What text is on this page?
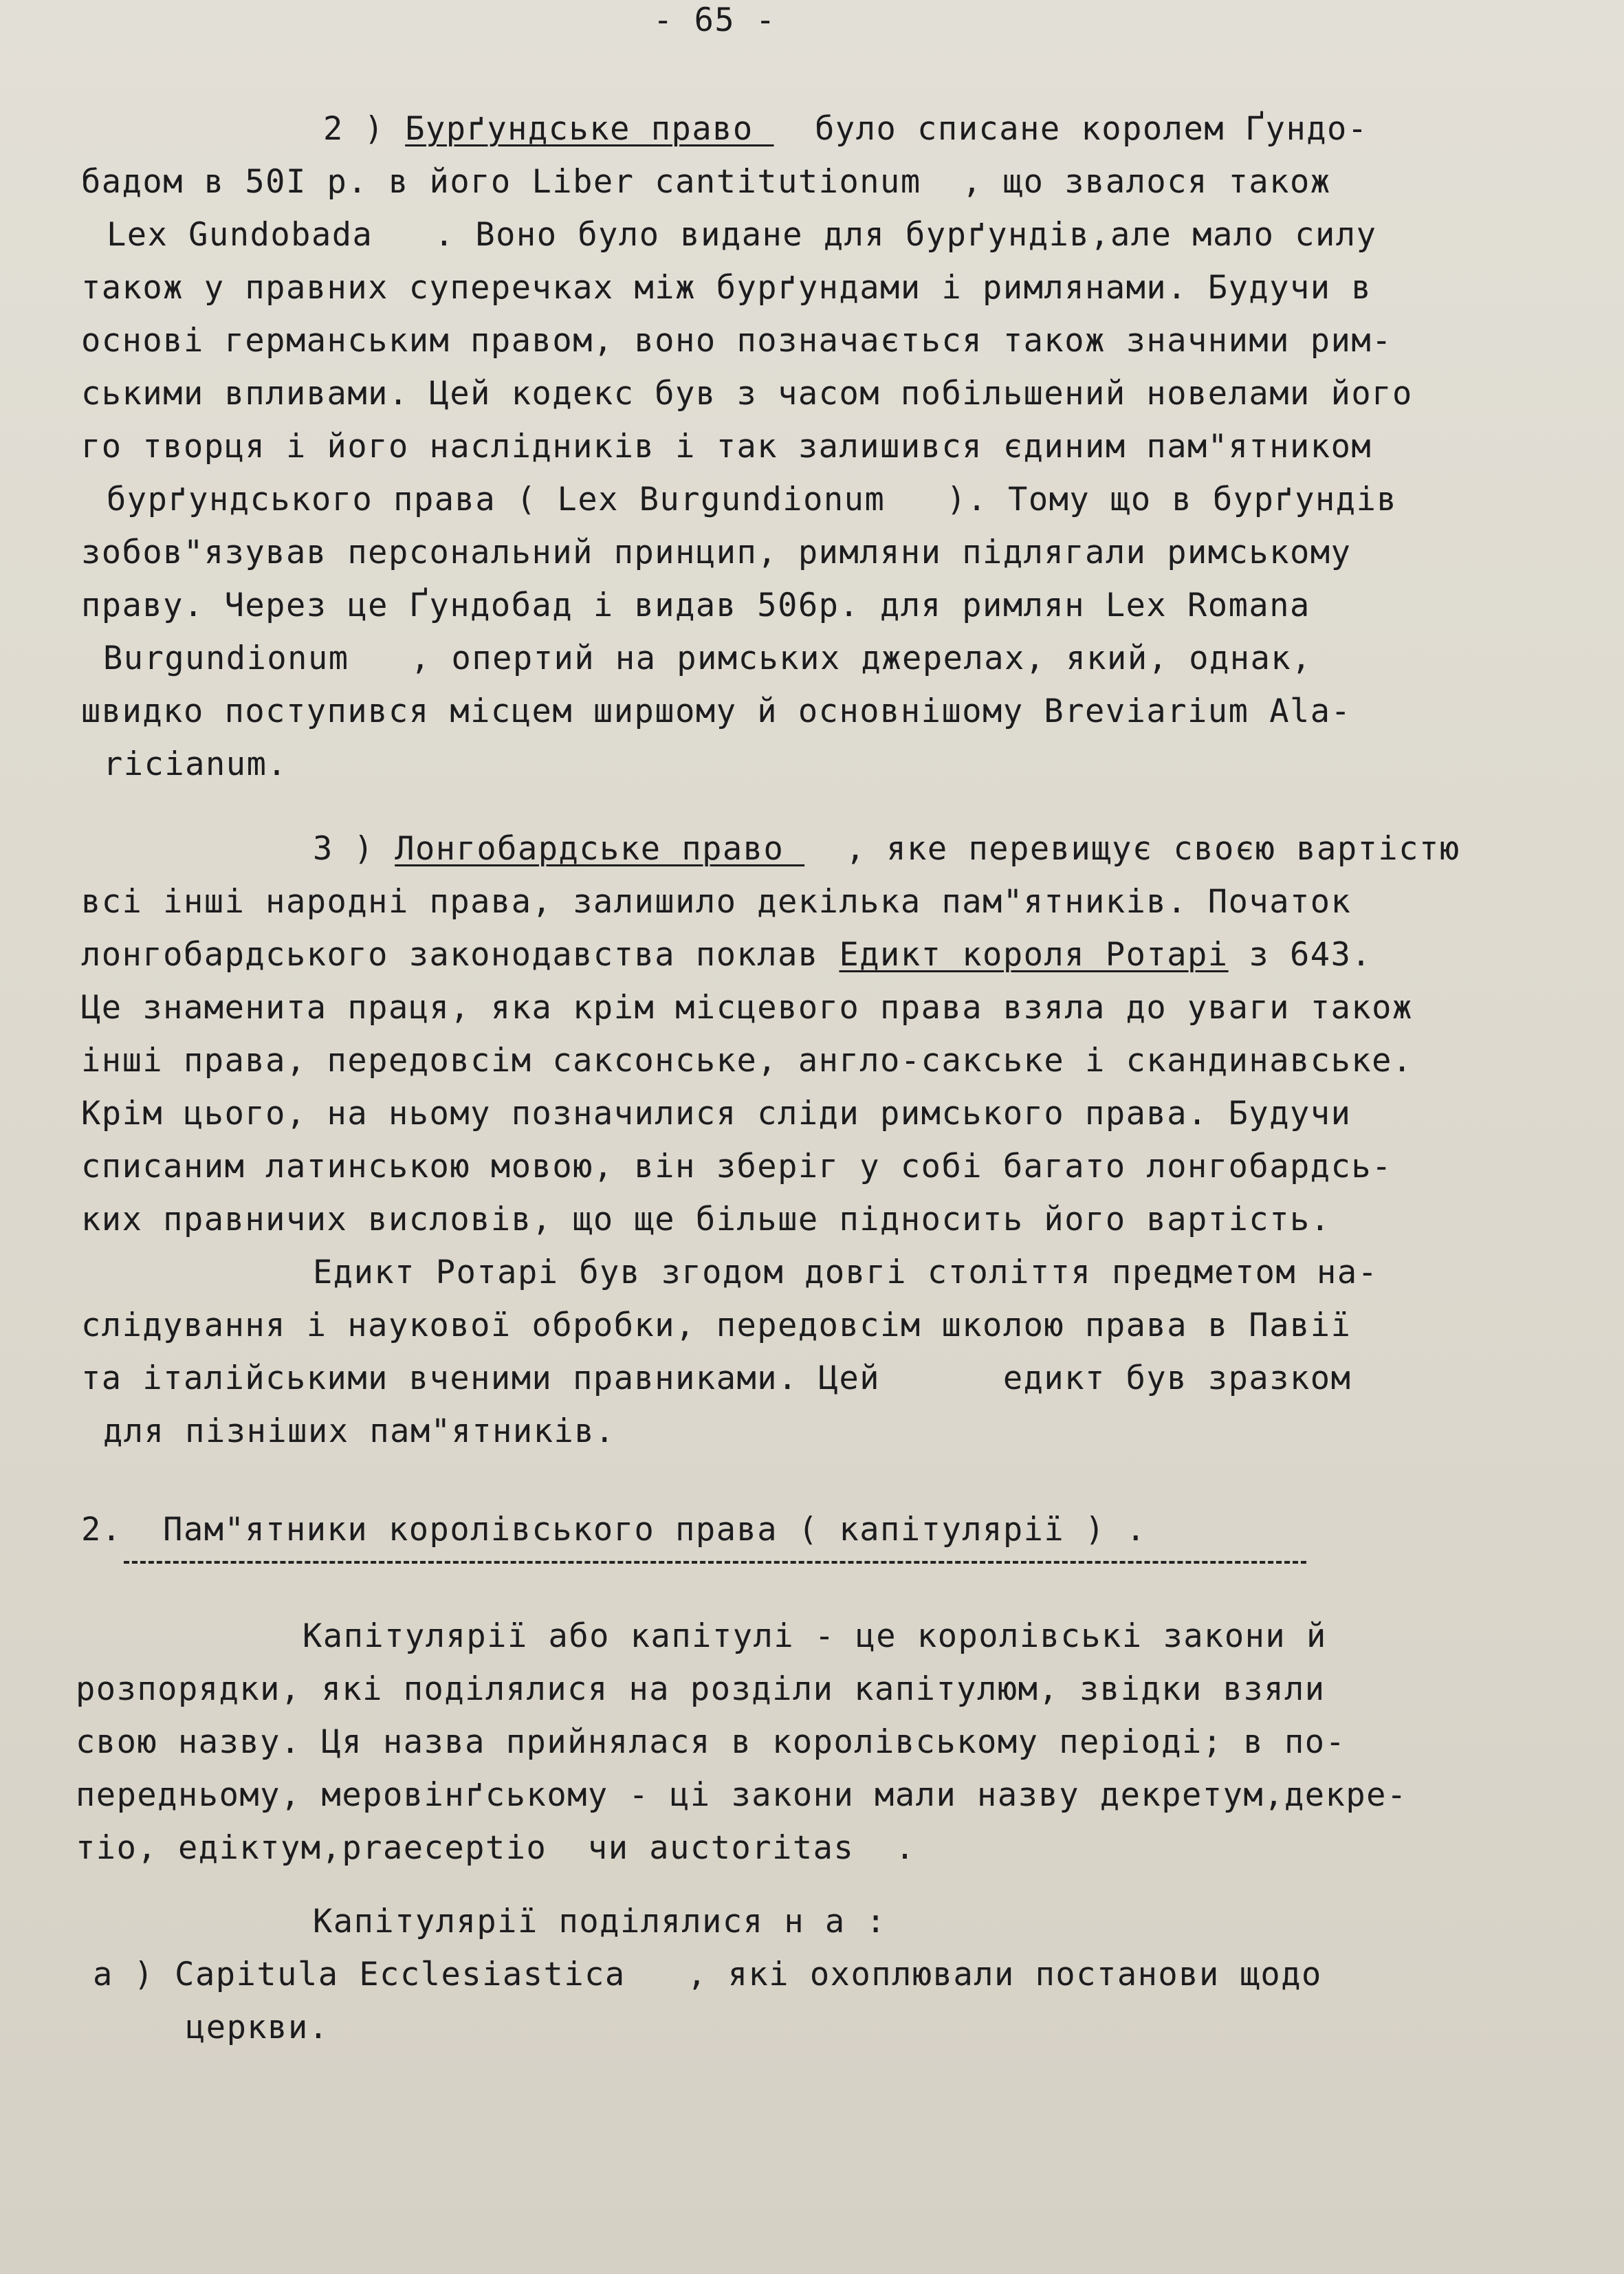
- 65 -
2 ) Бурґундське право   було списане королем Ґундо-
бадом в 50I р. в його Liber cantitutionum  , що звалося також
Lex Gundobada   . Воно було видане для бурґундів,але мало силу
також у правних суперечках між бурґундами і римлянами. Будучи в
основі германським правом, воно позначається також значними рим-
ськими впливами. Цей кодекс був з часом побільшений новелами його
го творця і його наслідників і так залишився єдиним пам"ятником
бурґундського права ( Lex Burgundionum   ). Тому що в бурґундів
зобов"язував персональний принцип, римляни підлягали римському
праву. Через це Ґундобад і видав 506р. для римлян Lex Romana
Burgundionum   , опертий на римських джерелах, який, однак,
швидко поступився місцем ширшому й основнішому Breviarium Ala-
ricianum.
3 ) Лонгобардське право   , яке перевищує своєю вартістю
всі інші народні права, залишило декілька пам"ятників. Початок
лонгобардського законодавства поклав Едикт короля Ротарі з 643.
Це знаменита праця, яка крім місцевого права взяла до уваги також
інші права, передовсім саксонське, англо-сакське і скандинавське.
Крім цього, на ньому позначилися сліди римського права. Будучи
списаним латинською мовою, він зберіг у собі багато лонгобардсь-
ких правничих висловів, що ще більше підносить його вартість.
Едикт Ротарі був згодом довгі століття предметом на-
слідування і наукової обробки, передовсім школою права в Павії
та італійськими вченими правниками. Цей      едикт був зразком
для пізніших пам"ятників.
2.  Пам"ятники королівського права ( капітулярії ) .
Капітулярії або капітулі - це королівські закони й
розпорядки, які поділялися на розділи капітулюм, звідки взяли
свою назву. Ця назва прийнялася в королівському періоді; в по-
передньому, меровінґському - ці закони мали назву декретум,декре-
тіо, едіктум,praeceptio  чи auctoritas  .
Капітулярії поділялися н а :
а ) Capitula Ecclesiastica   , які охоплювали постанови щодо
церкви.
